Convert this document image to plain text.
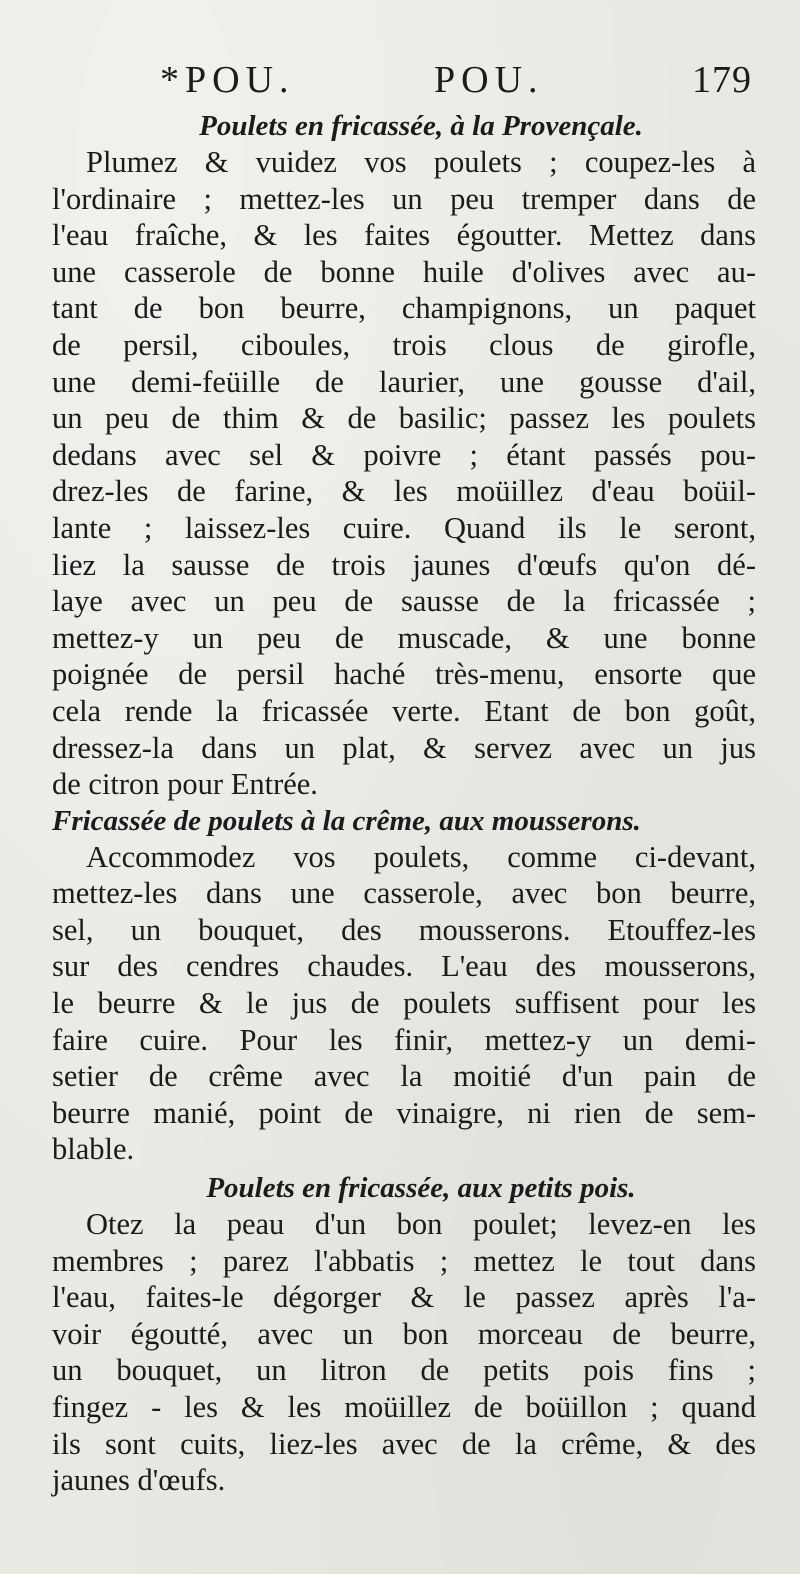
*POU.	POU.	179
Poulets en fricassée, à la Provençale.
Plumez & vuidez vos poulets ; coupez-les à
l'ordinaire ; mettez-les un peu tremper dans de
l'eau fraîche, & les faites égoutter. Mettez dans
une casserole de bonne huile d'olives avec au-
tant de bon beurre, champignons, un paquet
de persil, ciboules, trois clous de girofle,
une demi-feüille de laurier, une gousse d'ail,
un peu de thim & de basilic; passez les poulets
dedans avec sel & poivre ; étant passés pou-
drez-les de farine, & les moüillez d'eau boüil-
lante ; laissez-les cuire. Quand ils le seront,
liez la sausse de trois jaunes d'œufs qu'on dé-
laye avec un peu de sausse de la fricassée ;
mettez-y un peu de muscade, & une bonne
poignée de persil haché très-menu, ensorte que
cela rende la fricassée verte. Etant de bon goût,
dressez-la dans un plat, & servez avec un jus
de citron pour Entrée.
Fricassée de poulets à la crême, aux mousserons.
Accommodez vos poulets, comme ci-devant,
mettez-les dans une casserole, avec bon beurre,
sel, un bouquet, des mousserons. Etouffez-les
sur des cendres chaudes. L'eau des mousserons,
le beurre & le jus de poulets suffisent pour les
faire cuire. Pour les finir, mettez-y un demi-
setier de crême avec la moitié d'un pain de
beurre manié, point de vinaigre, ni rien de sem-
blable.
Poulets en fricassée, aux petits pois.
Otez la peau d'un bon poulet; levez-en les
membres ; parez l'abbatis ; mettez le tout dans
l'eau, faites-le dégorger & le passez après l'a-
voir égoutté, avec un bon morceau de beurre,
un bouquet, un litron de petits pois fins ;
fingez - les & les moüillez de boüillon ; quand
ils sont cuits, liez-les avec de la crême, & des
jaunes d'œufs.
